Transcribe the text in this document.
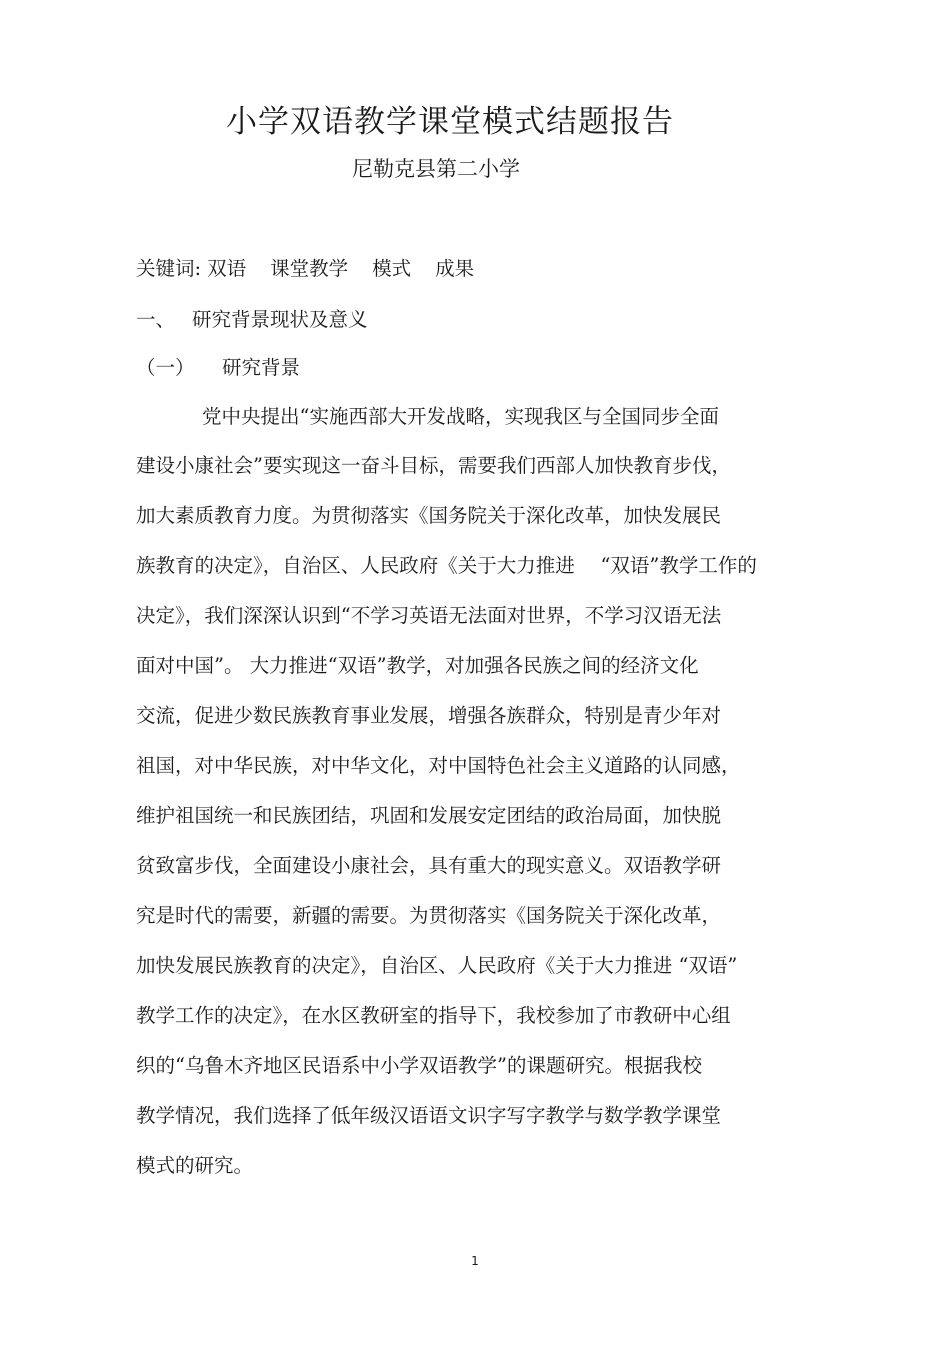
小学双语教学课堂模式结题报告
尼勒克县第二小学
关键词: 双语 课堂教学 模式 成果
一、 研究背景现状及意义
（一） 研究背景
党中央提出“实施西部大开发战略，实现我区与全国同步全面
建设小康社会”要实现这一奋斗目标，需要我们西部人加快教育步伐，
加大素质教育力度。为贯彻落实《国务院关于深化改革，加快发展民
族教育的决定》，自治区、人民政府《关于大力推进　 “双语”教学工作的
决定》，我们深深认识到“不学习英语无法面对世界，不学习汉语无法
面对中国”。 大力推进“双语”教学，对加强各民族之间的经济文化
交流，促进少数民族教育事业发展，增强各族群众，特别是青少年对
祖国，对中华民族，对中华文化，对中国特色社会主义道路的认同感，
维护祖国统一和民族团结，巩固和发展安定团结的政治局面，加快脱
贫致富步伐，全面建设小康社会，具有重大的现实意义。双语教学研
究是时代的需要，新疆的需要。为贯彻落实《国务院关于深化改革，
加快发展民族教育的决定》，自治区、人民政府《关于大力推进 “双语”
教学工作的决定》，在水区教研室的指导下，我校参加了市教研中心组
织的“乌鲁木齐地区民语系中小学双语教学”的课题研究。根据我校
教学情况，我们选择了低年级汉语语文识字写字教学与数学教学课堂
模式的研究。
1
